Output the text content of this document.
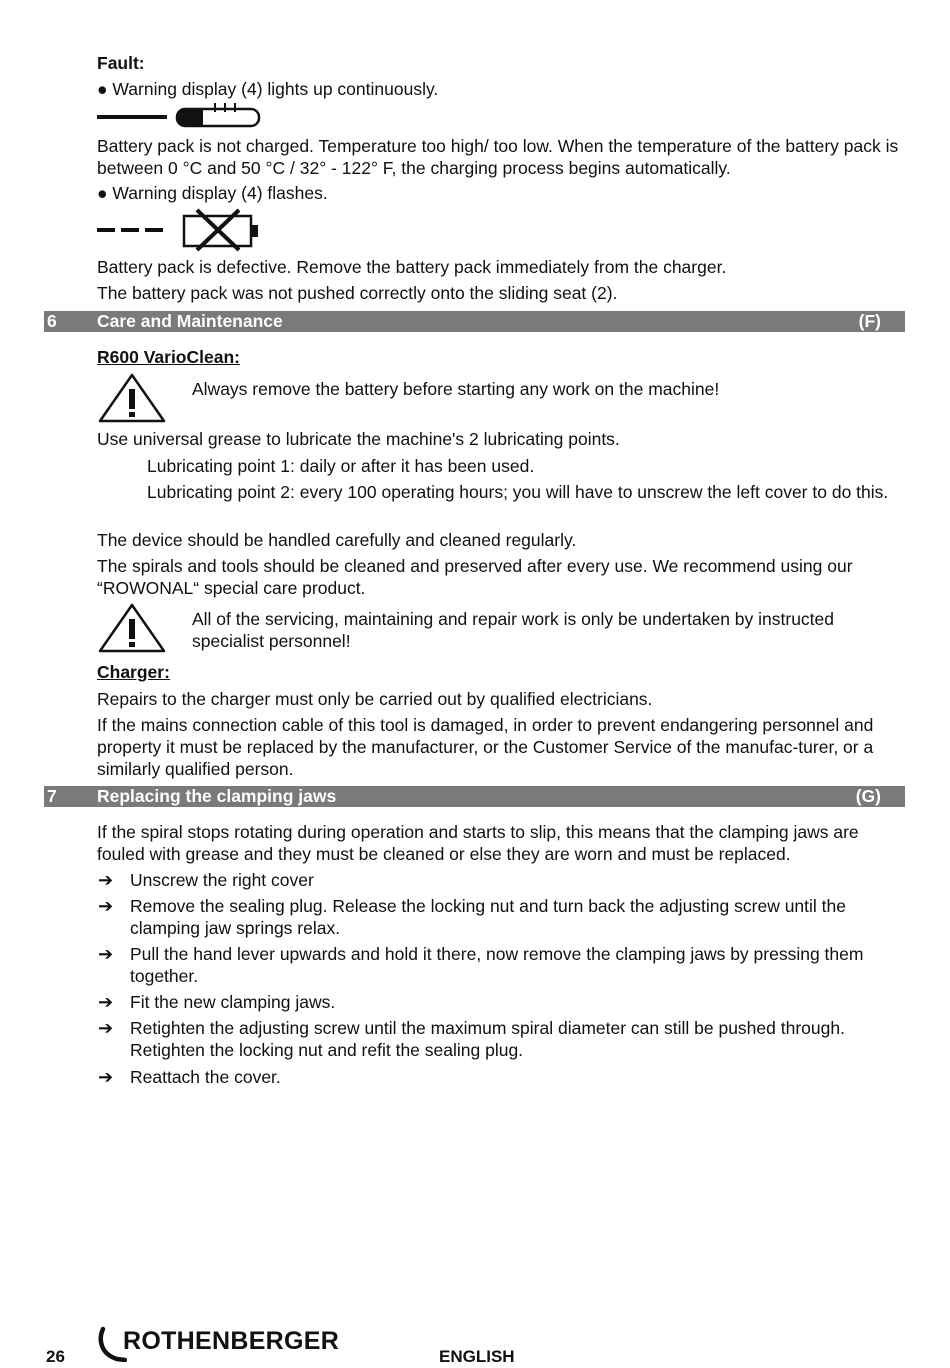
Fault:

● Warning display (4) lights up continuously.

Battery pack is not charged. Temperature too high/ too low. When the temperature of the battery pack is between 0 °C and 50 °C / 32° - 122° F, the charging process begins automatically.

● Warning display (4) flashes.

Battery pack is defective. Remove the battery pack immediately from the charger.

The battery pack was not pushed correctly onto the sliding seat (2).

6 Care and Maintenance	(F)

R600 VarioClean:

Always remove the battery before starting any work on the machine!

Use universal grease to lubricate the machine's 2 lubricating points.

Lubricating point 1: daily or after it has been used.

Lubricating point 2: every 100 operating hours; you will have to unscrew the left cover to do this.

The device should be handled carefully and cleaned regularly.

The spirals and tools should be cleaned and preserved after every use. We recommend using our “ROWONAL“ special care product.

All of the servicing, maintaining and repair work is only be undertaken by instructed specialist personnel!

Charger:

Repairs to the charger must only be carried out by qualified electricians.

If the mains connection cable of this tool is damaged, in order to prevent endangering personnel and property it must be replaced by the manufacturer, or the Customer Service of the manufac-turer, or a similarly qualified person.

7 Replacing the clamping jaws	(G)

If the spiral stops rotating during operation and starts to slip, this means that the clamping jaws are fouled with grease and they must be cleaned or else they are worn and must be replaced.

➔ Unscrew the right cover

➔ Remove the sealing plug. Release the locking nut and turn back the adjusting screw until the clamping jaw springs relax.

➔ Pull the hand lever upwards and hold it there, now remove the clamping jaws by pressing them together.

➔ Fit the new clamping jaws.

➔ Retighten the adjusting screw until the maximum spiral diameter can still be pushed through. Retighten the locking nut and refit the sealing plug.

➔ Reattach the cover.

26

ROTHENBERGER

ENGLISH
